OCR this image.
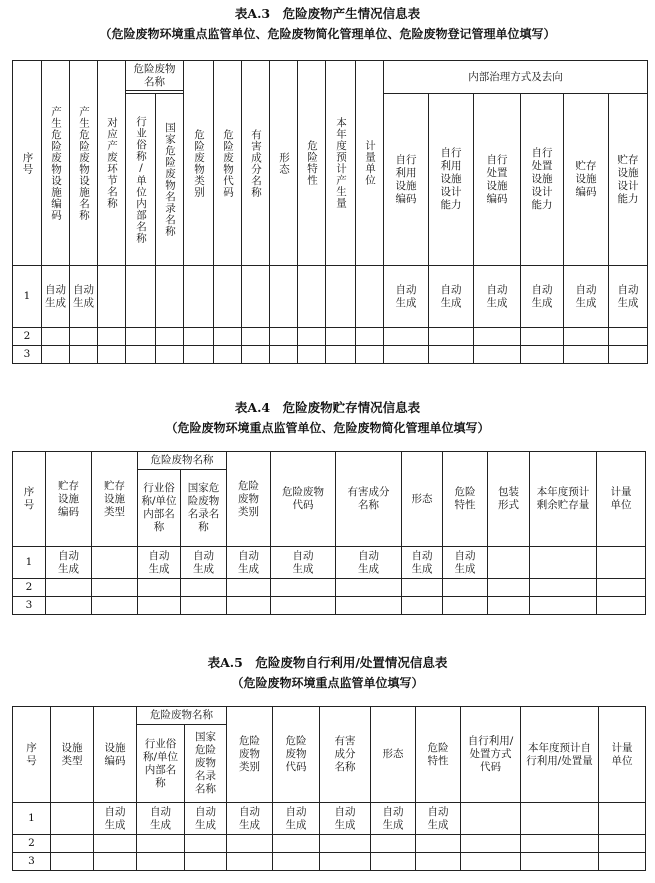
表A.3　危险废物产生情况信息表
（危险废物环境重点监管单位、危险废物简化管理单位、危险废物登记管理单位填写）
序号	产生危险废物设施编码	产生危险废物设施名称	对应产废环节名称	危险废物名称		危险废物类别	危险废物代码	有害成分名称	形态	危险特性	本年度预计产生量	计量单位	内部治理方式及去向					

				行业俗称/单位内部名称	国家危险废物名录名称								自行利用设施编码	自行利用设施设计能力	自行处置设施编码	自行处置设施设计能力	贮存设施编码	贮存设施设计能力

1	自动生成	自动生成											自动生成	自动生成	自动生成	自动生成	自动生成	自动生成

2																		
3																		
表A.4　危险废物贮存情况信息表
（危险废物环境重点监管单位、危险废物简化管理单位填写）
序号	贮存设施编码	贮存设施类型	危险废物名称		危险废物类别	危险废物代码	有害成分名称	形态	危险特性	包装形式	本年度预计剩余贮存量	计量单位

			行业俗称/单位内部名称	国家危险废物名录名称								

1	自动生成		自动生成	自动生成	自动生成	自动生成	自动生成	自动生成	自动生成			

2												
3												
表A.5　危险废物自行利用/处置情况信息表
（危险废物环境重点监管单位填写）
序号	设施类型	设施编码	危险废物名称		危险废物类别	危险废物代码	有害成分名称	形态	危险特性	自行利用/处置方式代码	本年度预计自行利用/处置量	计量单位

			行业俗称/单位内部名称	国家危险废物名录名称								

1		自动生成	自动生成	自动生成	自动生成	自动生成	自动生成	自动生成	自动生成			

2												
3												
